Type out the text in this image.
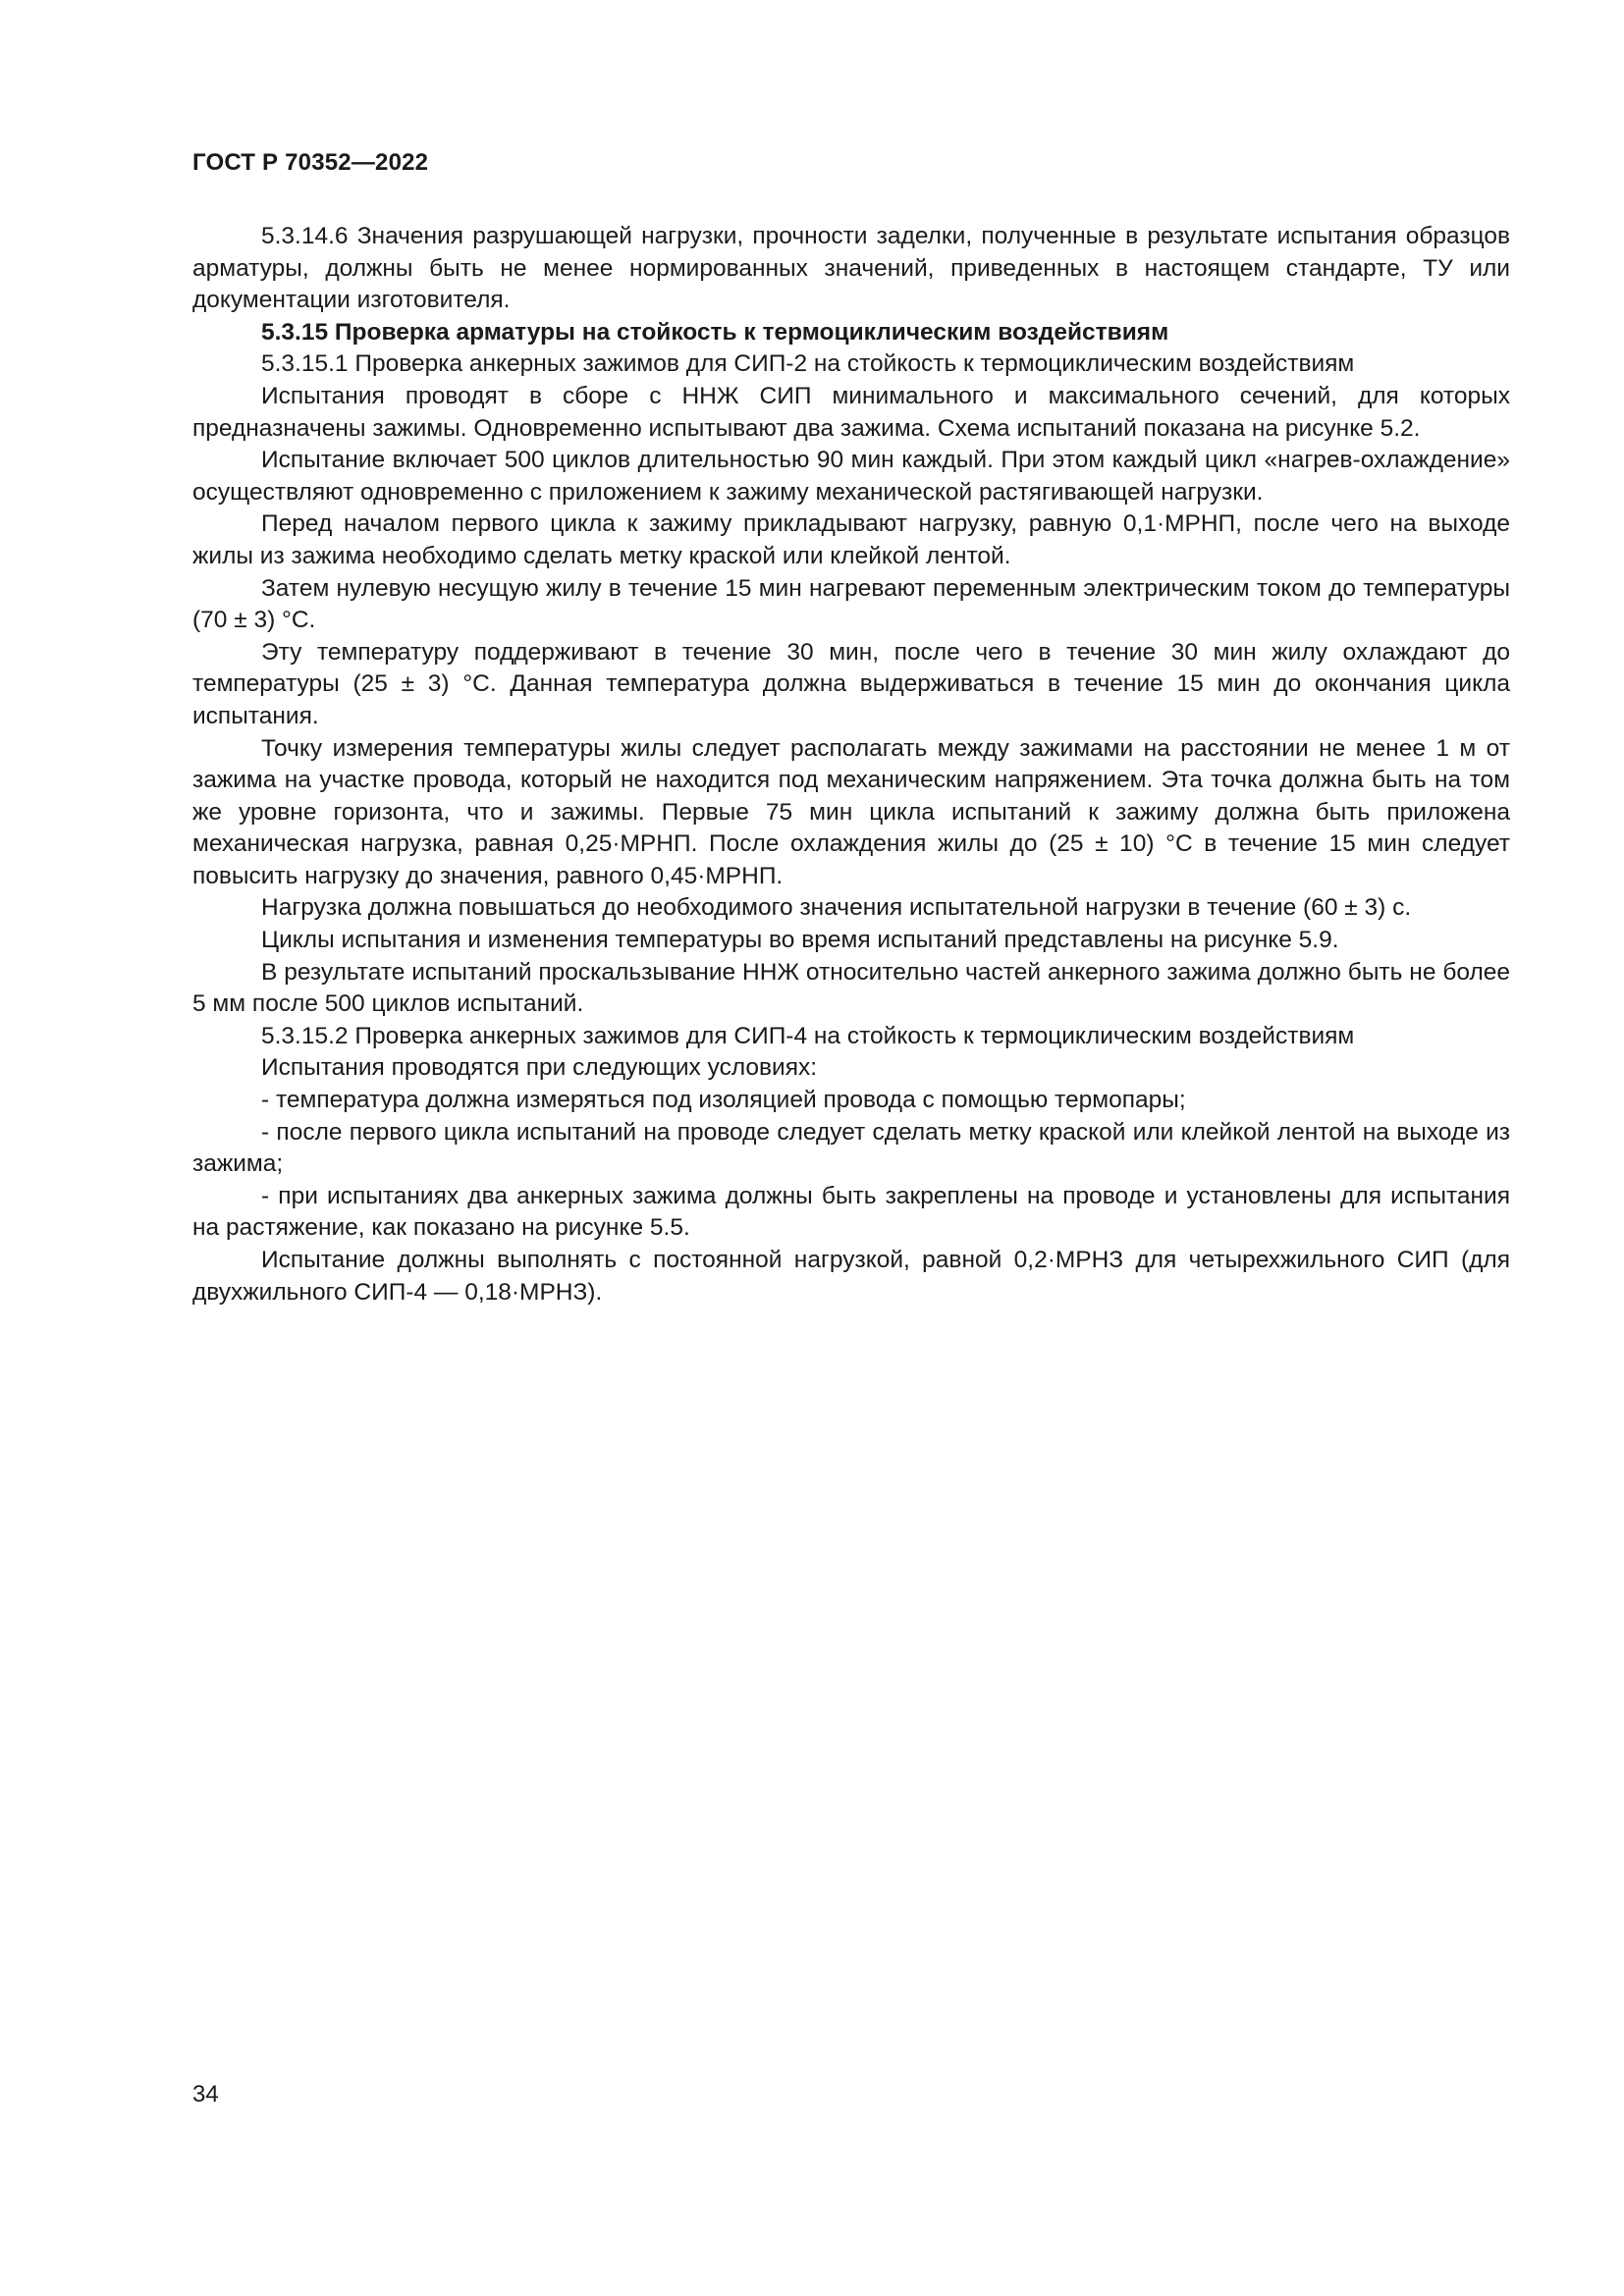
ГОСТ Р 70352—2022

5.3.14.6 Значения разрушающей нагрузки, прочности заделки, полученные в результате испытания образцов арматуры, должны быть не менее нормированных значений, приведенных в настоящем стандарте, ТУ или документации изготовителя.

5.3.15 Проверка арматуры на стойкость к термоциклическим воздействиям

5.3.15.1 Проверка анкерных зажимов для СИП-2 на стойкость к термоциклическим воздействиям

Испытания проводят в сборе с ННЖ СИП минимального и максимального сечений, для которых предназначены зажимы. Одновременно испытывают два зажима. Схема испытаний показана на рисунке 5.2.

Испытание включает 500 циклов длительностью 90 мин каждый. При этом каждый цикл «нагрев-охлаждение» осуществляют одновременно с приложением к зажиму механической растягивающей нагрузки.

Перед началом первого цикла к зажиму прикладывают нагрузку, равную 0,1·МРНП, после чего на выходе жилы из зажима необходимо сделать метку краской или клейкой лентой.

Затем нулевую несущую жилу в течение 15 мин нагревают переменным электрическим током до температуры (70 ± 3) °С.

Эту температуру поддерживают в течение 30 мин, после чего в течение 30 мин жилу охлаждают до температуры (25 ± 3) °С. Данная температура должна выдерживаться в течение 15 мин до окончания цикла испытания.

Точку измерения температуры жилы следует располагать между зажимами на расстоянии не менее 1 м от зажима на участке провода, который не находится под механическим напряжением. Эта точка должна быть на том же уровне горизонта, что и зажимы. Первые 75 мин цикла испытаний к зажиму должна быть приложена механическая нагрузка, равная 0,25·МРНП. После охлаждения жилы до (25 ± 10) °С в течение 15 мин следует повысить нагрузку до значения, равного 0,45·МРНП.

Нагрузка должна повышаться до необходимого значения испытательной нагрузки в течение (60 ± 3) с.

Циклы испытания и изменения температуры во время испытаний представлены на рисунке 5.9.

В результате испытаний проскальзывание ННЖ относительно частей анкерного зажима должно быть не более 5 мм после 500 циклов испытаний.

5.3.15.2 Проверка анкерных зажимов для СИП-4 на стойкость к термоциклическим воздействиям

Испытания проводятся при следующих условиях:

- температура должна измеряться под изоляцией провода с помощью термопары;

- после первого цикла испытаний на проводе следует сделать метку краской или клейкой лентой на выходе из зажима;

- при испытаниях два анкерных зажима должны быть закреплены на проводе и установлены для испытания на растяжение, как показано на рисунке 5.5.

Испытание должны выполнять с постоянной нагрузкой, равной 0,2·МРНЗ для четырехжильного СИП (для двухжильного СИП-4 — 0,18·МРНЗ).

34
